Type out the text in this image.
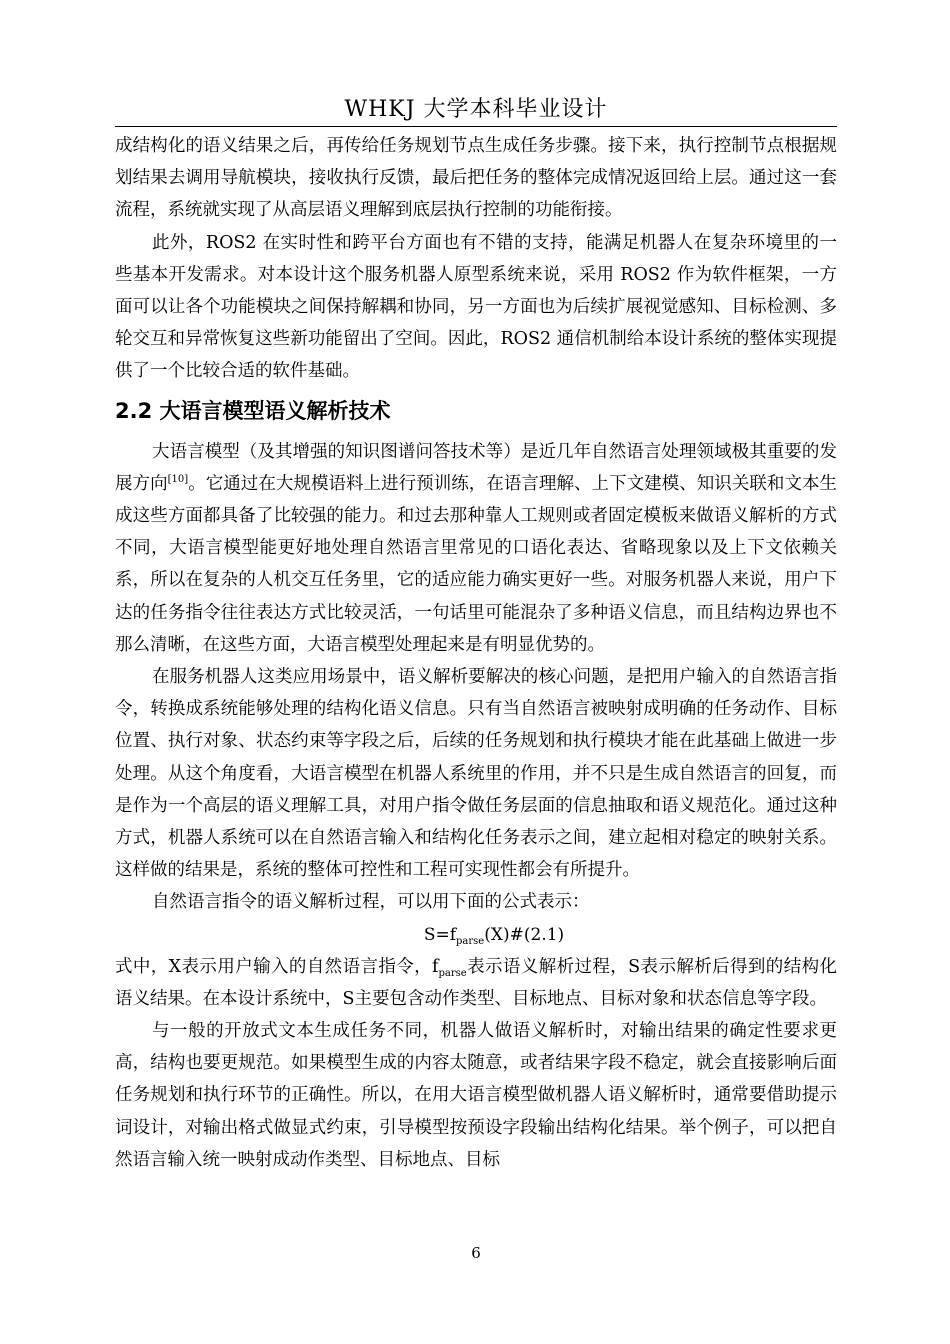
WHKJ 大学本科毕业设计

成结构化的语义结果之后，再传给任务规划节点生成任务步骤。接下来，执行控制节点根据规划结果去调用导航模块，接收执行反馈，最后把任务的整体完成情况返回给上层。通过这一套流程，系统就实现了从高层语义理解到底层执行控制的功能衔接。

此外，ROS2 在实时性和跨平台方面也有不错的支持，能满足机器人在复杂环境里的一些基本开发需求。对本设计这个服务机器人原型系统来说，采用 ROS2 作为软件框架，一方面可以让各个功能模块之间保持解耦和协同，另一方面也为后续扩展视觉感知、目标检测、多轮交互和异常恢复这些新功能留出了空间。因此，ROS2 通信机制给本设计系统的整体实现提供了一个比较合适的软件基础。

2.2 大语言模型语义解析技术

大语言模型（及其增强的知识图谱问答技术等）是近几年自然语言处理领域极其重要的发展方向[10]。它通过在大规模语料上进行预训练，在语言理解、上下文建模、知识关联和文本生成这些方面都具备了比较强的能力。和过去那种靠人工规则或者固定模板来做语义解析的方式不同，大语言模型能更好地处理自然语言里常见的口语化表达、省略现象以及上下文依赖关系，所以在复杂的人机交互任务里，它的适应能力确实更好一些。对服务机器人来说，用户下达的任务指令往往表达方式比较灵活，一句话里可能混杂了多种语义信息，而且结构边界也不那么清晰，在这些方面，大语言模型处理起来是有明显优势的。

在服务机器人这类应用场景中，语义解析要解决的核心问题，是把用户输入的自然语言指令，转换成系统能够处理的结构化语义信息。只有当自然语言被映射成明确的任务动作、目标位置、执行对象、状态约束等字段之后，后续的任务规划和执行模块才能在此基础上做进一步处理。从这个角度看，大语言模型在机器人系统里的作用，并不只是生成自然语言的回复，而是作为一个高层的语义理解工具，对用户指令做任务层面的信息抽取和语义规范化。通过这种方式，机器人系统可以在自然语言输入和结构化任务表示之间，建立起相对稳定的映射关系。这样做的结果是，系统的整体可控性和工程可实现性都会有所提升。

自然语言指令的语义解析过程，可以用下面的公式表示：

$S=f_{parse}(X)\#(2.1)$

式中，X表示用户输入的自然语言指令，$f_{parse}$表示语义解析过程，S表示解析后得到的结构化语义结果。在本设计系统中，S主要包含动作类型、目标地点、目标对象和状态信息等字段。

与一般的开放式文本生成任务不同，机器人做语义解析时，对输出结果的确定性要求更高，结构也要更规范。如果模型生成的内容太随意，或者结果字段不稳定，就会直接影响后面任务规划和执行环节的正确性。所以，在用大语言模型做机器人语义解析时，通常要借助提示词设计，对输出格式做显式约束，引导模型按预设字段输出结构化结果。举个例子，可以把自然语言输入统一映射成动作类型、目标地点、目标

6
